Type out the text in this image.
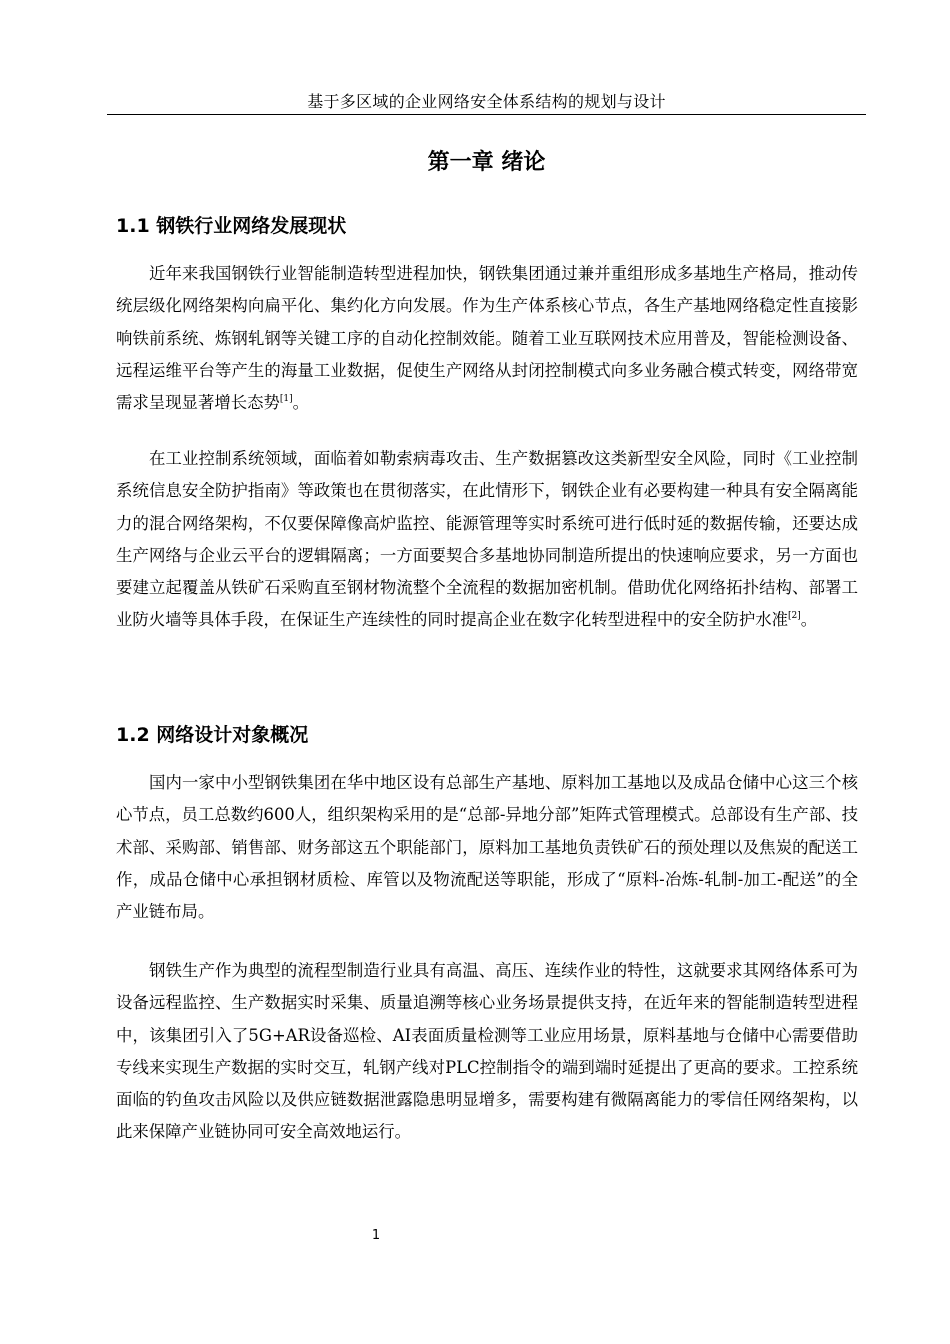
基于多区域的企业网络安全体系结构的规划与设计
第一章 绪论
1.1 钢铁行业网络发展现状

近年来我国钢铁行业智能制造转型进程加快，钢铁集团通过兼并重组形成多基地生产格局，推动传统层级化网络架构向扁平化、集约化方向发展。作为生产体系核心节点，各生产基地网络稳定性直接影响铁前系统、炼钢轧钢等关键工序的自动化控制效能。随着工业互联网技术应用普及，智能检测设备、远程运维平台等产生的海量工业数据，促使生产网络从封闭控制模式向多业务融合模式转变，网络带宽需求呈现显著增长态势[1]。

在工业控制系统领域，面临着如勒索病毒攻击、生产数据篡改这类新型安全风险，同时《工业控制系统信息安全防护指南》等政策也在贯彻落实，在此情形下，钢铁企业有必要构建一种具有安全隔离能力的混合网络架构，不仅要保障像高炉监控、能源管理等实时系统可进行低时延的数据传输，还要达成生产网络与企业云平台的逻辑隔离；一方面要契合多基地协同制造所提出的快速响应要求，另一方面也要建立起覆盖从铁矿石采购直至钢材物流整个全流程的数据加密机制。借助优化网络拓扑结构、部署工业防火墙等具体手段，在保证生产连续性的同时提高企业在数字化转型进程中的安全防护水准[2]。

1.2 网络设计对象概况

国内一家中小型钢铁集团在华中地区设有总部生产基地、原料加工基地以及成品仓储中心这三个核心节点，员工总数约600人，组织架构采用的是“总部-异地分部”矩阵式管理模式。总部设有生产部、技术部、采购部、销售部、财务部这五个职能部门，原料加工基地负责铁矿石的预处理以及焦炭的配送工作，成品仓储中心承担钢材质检、库管以及物流配送等职能，形成了“原料-冶炼-轧制-加工-配送”的全产业链布局。

钢铁生产作为典型的流程型制造行业具有高温、高压、连续作业的特性，这就要求其网络体系可为设备远程监控、生产数据实时采集、质量追溯等核心业务场景提供支持，在近年来的智能制造转型进程中，该集团引入了5G+AR设备巡检、AI表面质量检测等工业应用场景，原料基地与仓储中心需要借助专线来实现生产数据的实时交互，轧钢产线对PLC控制指令的端到端时延提出了更高的要求。工控系统面临的钓鱼攻击风险以及供应链数据泄露隐患明显增多，需要构建有微隔离能力的零信任网络架构，以此来保障产业链协同可安全高效地运行。

1
